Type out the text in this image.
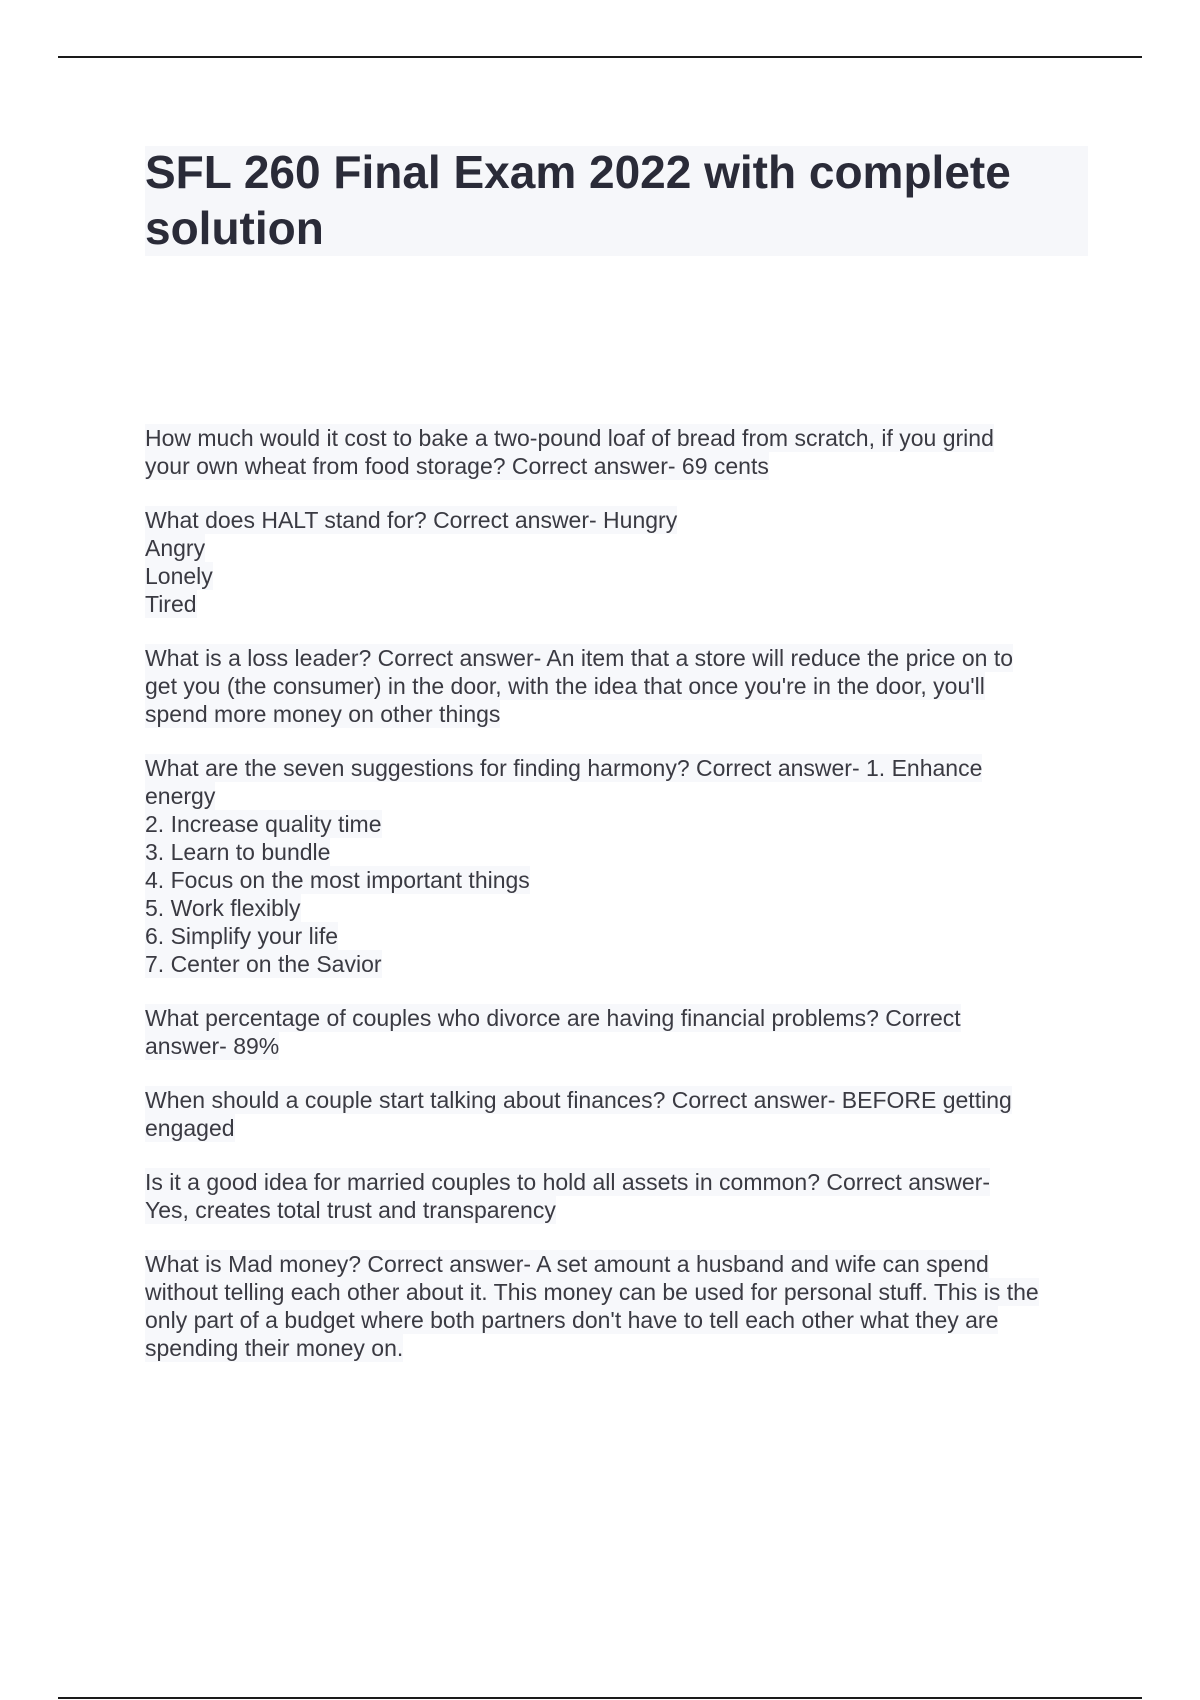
SFL 260 Final Exam 2022 with complete
solution
How much would it cost to bake a two-pound loaf of bread from scratch, if you grind
your own wheat from food storage? Correct answer- 69 cents
What does HALT stand for? Correct answer- Hungry
Angry
Lonely
Tired
What is a loss leader? Correct answer- An item that a store will reduce the price on to
get you (the consumer) in the door, with the idea that once you're in the door, you'll
spend more money on other things
What are the seven suggestions for finding harmony? Correct answer- 1. Enhance
energy
2. Increase quality time
3. Learn to bundle
4. Focus on the most important things
5. Work flexibly
6. Simplify your life
7. Center on the Savior
What percentage of couples who divorce are having financial problems? Correct
answer- 89%
When should a couple start talking about finances? Correct answer- BEFORE getting
engaged
Is it a good idea for married couples to hold all assets in common? Correct answer-
Yes, creates total trust and transparency
What is Mad money? Correct answer- A set amount a husband and wife can spend
without telling each other about it. This money can be used for personal stuff. This is the
only part of a budget where both partners don't have to tell each other what they are
spending their money on.
